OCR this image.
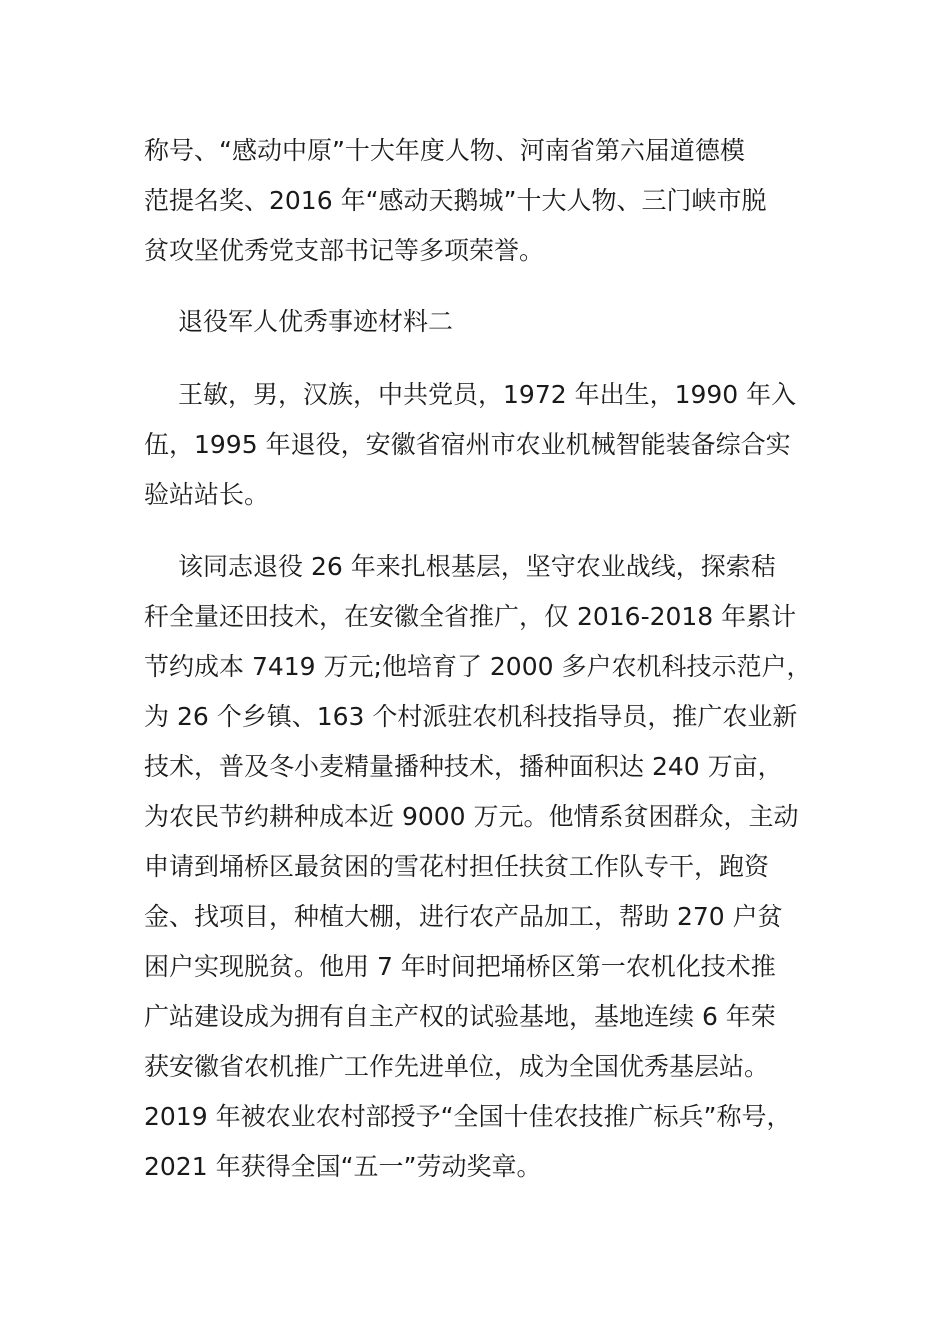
称号、“感动中原”十大年度人物、河南省第六届道德模
范提名奖、2016 年“感动天鹅城”十大人物、三门峡市脱
贫攻坚优秀党支部书记等多项荣誉。
退役军人优秀事迹材料二
王敏，男，汉族，中共党员，1972 年出生，1990 年入
伍，1995 年退役，安徽省宿州市农业机械智能装备综合实
验站站长。
该同志退役 26 年来扎根基层，坚守农业战线，探索秸
秆全量还田技术，在安徽全省推广，仅 2016-2018 年累计
节约成本 7419 万元;他培育了 2000 多户农机科技示范户，
为 26 个乡镇、163 个村派驻农机科技指导员，推广农业新
技术，普及冬小麦精量播种技术，播种面积达 240 万亩，
为农民节约耕种成本近 9000 万元。他情系贫困群众，主动
申请到埇桥区最贫困的雪花村担任扶贫工作队专干，跑资
金、找项目，种植大棚，进行农产品加工，帮助 270 户贫
困户实现脱贫。他用 7 年时间把埇桥区第一农机化技术推
广站建设成为拥有自主产权的试验基地，基地连续 6 年荣
获安徽省农机推广工作先进单位，成为全国优秀基层站。
2019 年被农业农村部授予“全国十佳农技推广标兵”称号，
2021 年获得全国“五一”劳动奖章。
